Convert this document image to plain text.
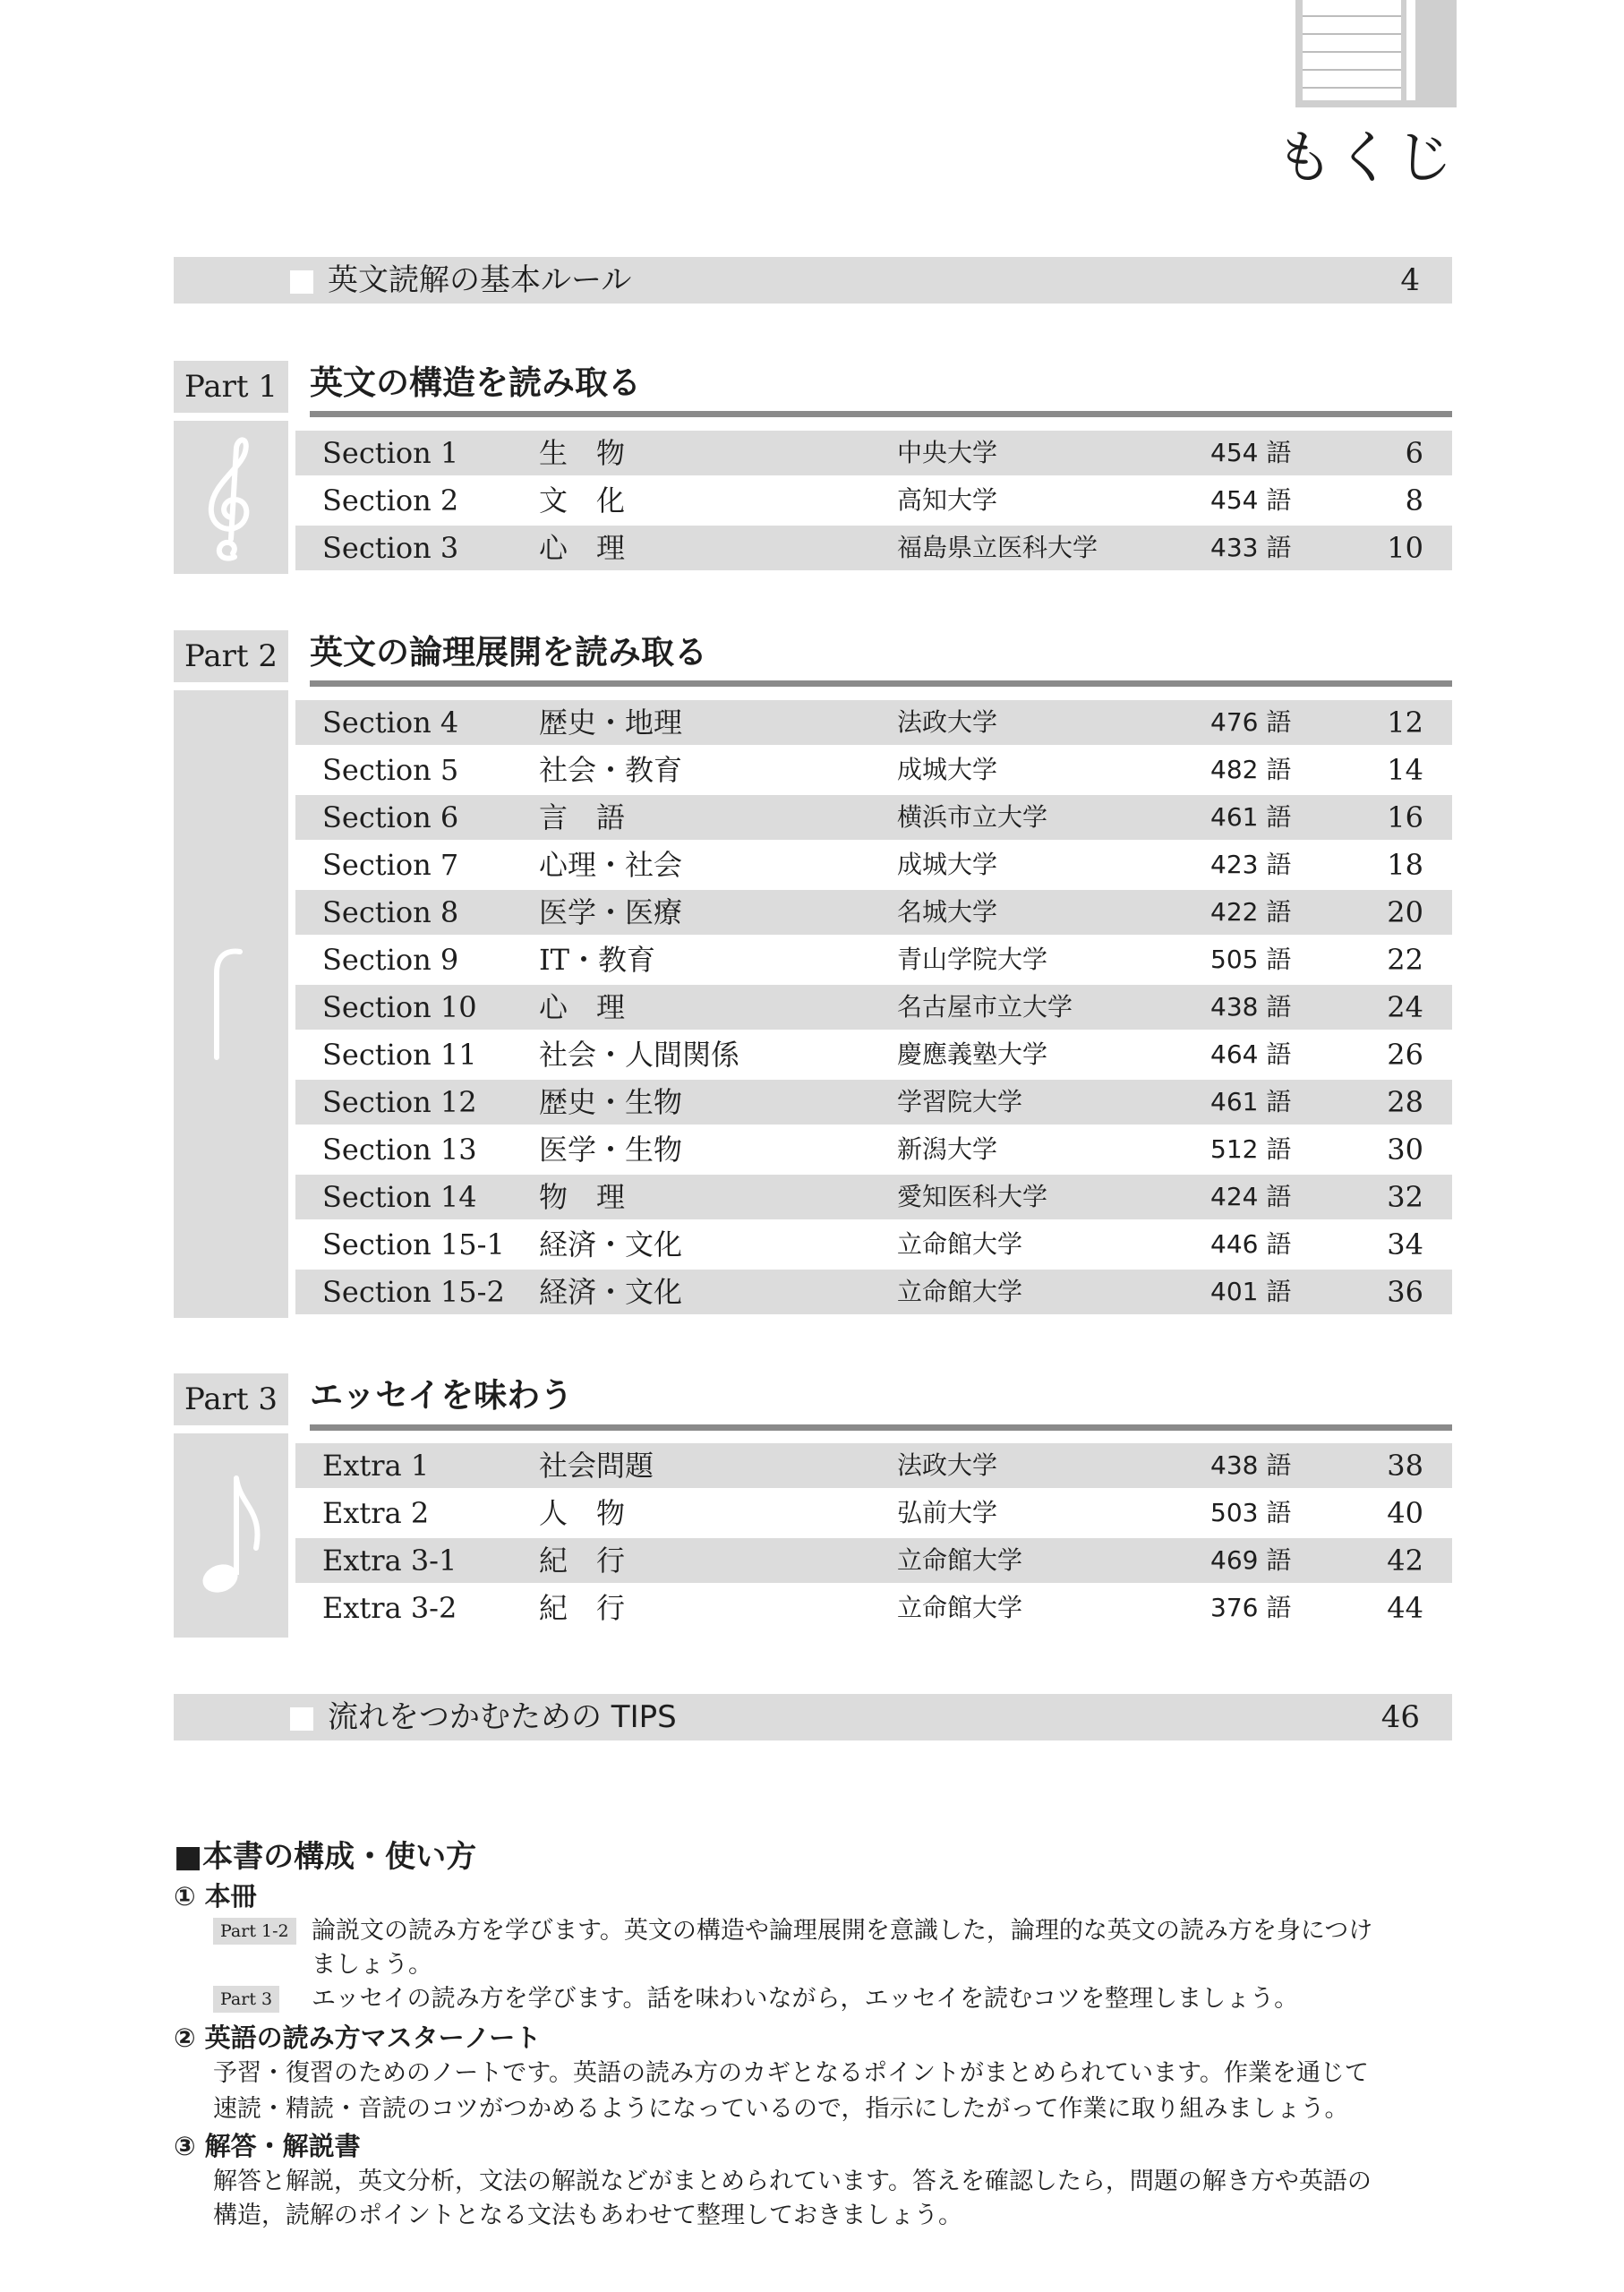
もくじ
英文読解の基本ルール	4
Part 1 英文の構造を読み取る
Section 1	生　物	中央大学	454 語	6
Section 2	文　化	高知大学	454 語	8
Section 3	心　理	福島県立医科大学	433 語	10
Part 2 英文の論理展開を読み取る
Section 4	歴史・地理	法政大学	476 語	12
Section 5	社会・教育	成城大学	482 語	14
Section 6	言　語	横浜市立大学	461 語	16
Section 7	心理・社会	成城大学	423 語	18
Section 8	医学・医療	名城大学	422 語	20
Section 9	IT・教育	青山学院大学	505 語	22
Section 10 心　理	名古屋市立大学	438 語	24
Section 11 社会・人間関係	慶應義塾大学	464 語	26
Section 12 歴史・生物	学習院大学	461 語	28
Section 13 医学・生物	新潟大学	512 語	30
Section 14 物　理	愛知医科大学	424 語	32
Section 15-1 経済・文化	立命館大学	446 語	34
Section 15-2 経済・文化	立命館大学	401 語	36
Part 3 エッセイを味わう
Extra 1	社会問題	法政大学	438 語	38
Extra 2	人　物	弘前大学	503 語	40
Extra 3-1	紀　行	立命館大学	469 語	42
Extra 3-2	紀　行	立命館大学	376 語	44
流れをつかむための TIPS	46
■本書の構成・使い方
① 本冊
Part 1-2 論説文の読み方を学びます。英文の構造や論理展開を意識した，論理的な英文の読み方を身につけ
ましょう。
Part 3 エッセイの読み方を学びます。話を味わいながら，エッセイを読むコツを整理しましょう。
② 英語の読み方マスターノート
予習・復習のためのノートです。英語の読み方のカギとなるポイントがまとめられています。作業を通じて
速読・精読・音読のコツがつかめるようになっているので，指示にしたがって作業に取り組みましょう。
③ 解答・解説書
解答と解説，英文分析，文法の解説などがまとめられています。答えを確認したら，問題の解き方や英語の
構造，読解のポイントとなる文法もあわせて整理しておきましょう。
